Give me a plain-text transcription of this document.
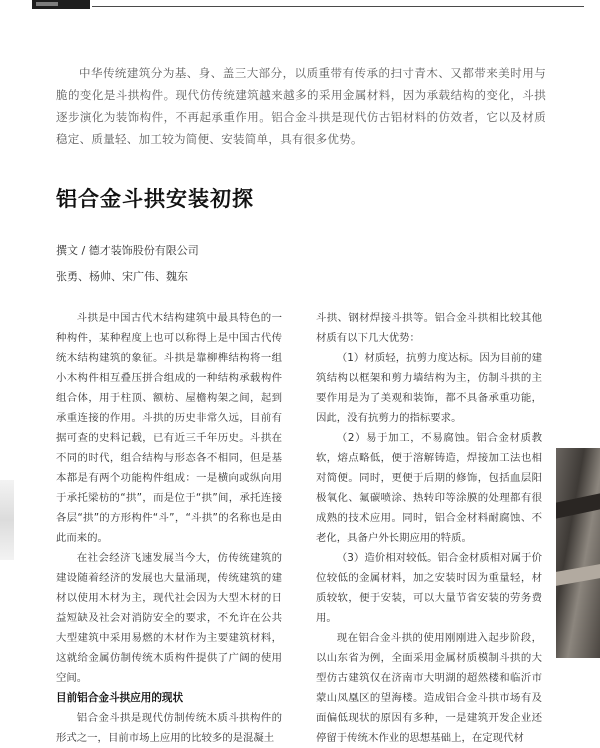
中华传统建筑分为基、身、盖三大部分，以质重带有传承的扫寸青木、又都带来美时用与脆的变化是斗拱构件。现代仿传统建筑越来越多的采用金属材料，因为承载结构的变化，斗拱逐步演化为装饰构件，不再起承重作用。铝合金斗拱是现代仿古铝材料的仿效者，它以及材质稳定、质量轻、加工较为简便、安装简单，具有很多优势。

铝合金斗拱安装初探
撰文 / 德才装饰股份有限公司
张勇、杨帅、宋广伟、魏东

斗拱是中国古代木结构建筑中最具特色的一种构件，某种程度上也可以称得上是中国古代传统木结构建筑的象征。斗拱是靠柳榫结构将一组小木构件相互叠压拼合组成的一种结构承载构件组合体，用于柱顶、额枋、屋檐构架之间，起到承重连接的作用。斗拱的历史非常久远，目前有据可查的史料记载，已有近三千年历史。斗拱在不同的时代，组合结构与形态各不相同，但是基本都是有两个功能构件组成：一是横向或纵向用于承托梁枋的“拱”，而是位于“拱”间，承托连接各层“拱”的方形构件“斗”，“斗拱”的名称也是由此而来的。

在社会经济飞速发展当今大，仿传统建筑的建设随着经济的发展也大量涌现，传统建筑的建材以使用木材为主，现代社会因为大型木材的日益短缺及社会对消防安全的要求，不允许在公共大型建筑中采用易燃的木材作为主要建筑材料，这就给金属仿制传统木质构件提供了广阔的使用空间。

目前铝合金斗拱应用的现状

铝合金斗拱是现代仿制传统木质斗拱构件的形式之一，目前市场上应用的比较多的是混凝土

斗拱、钢材焊接斗拱等。铝合金斗拱相比较其他材质有以下几大优势：

（1）材质轻，抗剪力度达标。因为目前的建筑结构以框架和剪力墙结构为主，仿制斗拱的主要作用是为了美观和装饰，都不具备承重功能，因此，没有抗剪力的指标要求。

（2）易于加工，不易腐蚀。铝合金材质教软，熔点略低，便于溶解铸造，焊接加工法也相对简便。同时，更便于后期的修饰，包括血层阳极氧化、氟碳喷涂、热转印等涂膜的处理都有很成熟的技术应用。同时，铝合金材料耐腐蚀、不老化，具备户外长期应用的特质。

（3）造价相对较低。铝合金材质相对属于价位较低的金属材料，加之安装时因为重量轻，材质较软，便于安装，可以大量节省安装的劳务费用。

现在铝合金斗拱的使用刚刚进入起步阶段，以山东省为例，全面采用金属材质模制斗拱的大型仿古建筑仅在济南市大明湖的超然楼和临沂市蒙山凤凰区的望海楼。造成铝合金斗拱市场有及面偏低现状的原因有多种，一是建筑开发企业还停留于传统木作业的思想基础上，在定现代材
